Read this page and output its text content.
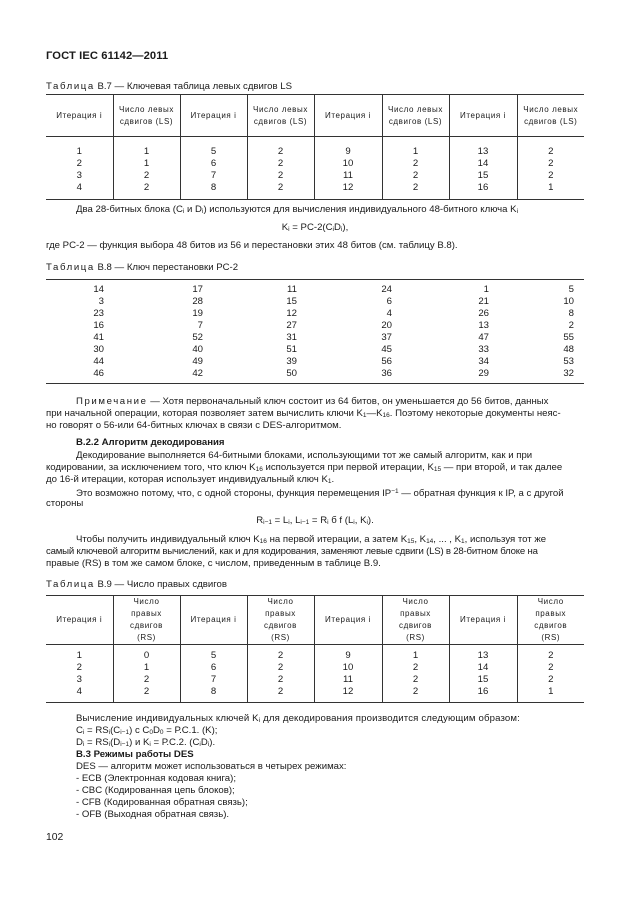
ГОСТ IEC 61142—2011
Таблица В.7 — Ключевая таблица левых сдвигов LS
Итерация i	Число левых сдвигов (LS)	Итерация i	Число левых сдвигов (LS)	Итерация i	Число левых сдвигов (LS)	Итерация i	Число левых сдвигов (LS)
1	1	5	2	9	1	13	2
2	1	6	2	10	2	14	2
3	2	7	2	11	2	15	2
4	2	8	2	12	2	16	1
Два 28-битных блока ($C_i$ и $D_i$) используются для вычисления индивидуального 48-битного ключа $K_i$
$K_i = PC-2(C_iD_i)$,
где PC-2 — функция выбора 48 битов из 56 и перестановки этих 48 битов (см. таблицу В.8).
Таблица В.8 — Ключ перестановки PC-2
14	17	11	24	1	5
3	28	15	6	21	10
23	19	12	4	26	8
16	7	27	20	13	2
41	52	31	37	47	55
30	40	51	45	33	48
44	49	39	56	34	53
46	42	50	36	29	32
Примечание — Хотя первоначальный ключ состоит из 64 битов, он уменьшается до 56 битов, данных
при начальной операции, которая позволяет затем вычислить ключи $K_1—K_{16}$. Поэтому некоторые документы неяс-
но говорят о 56-или 64-битных ключах в связи с DES-алгоритмом.
В.2.2 Алгоритм декодирования
Декодирование выполняется 64-битными блоками, использующими тот же самый алгоритм, как и при
кодировании, за исключением того, что ключ $K_{16}$ используется при первой итерации, $K_{15}$ — при второй, и так далее
до 16-й итерации, которая использует индивидуальный ключ $K_1$.
Это возможно потому, что, с одной стороны, функция перемещения $IP^{-1}$ — обратная функция к IP, а с другой
стороны
$R_{i-1} = L_i$, $L_{i-1} = R_i$ б f ($L_i$, $K_i$).
Чтобы получить индивидуальный ключ $K_{16}$ на первой итерации, а затем $K_{15}$, $K_{14}$, ... , $K_1$, используя тот же
самый ключевой алгоритм вычислений, как и для кодирования, заменяют левые сдвиги (LS) в 28-битном блоке на
правые (RS) в том же самом блоке, с числом, приведенным в таблице В.9.
Таблица В.9 — Число правых сдвигов
Итерация i	Число правых сдвигов (RS)	Итерация i	Число правых сдвигов (RS)	Итерация i	Число правых сдвигов (RS)	Итерация i	Число правых сдвигов (RS)
1	0	5	2	9	1	13	2
2	1	6	2	10	2	14	2
3	2	7	2	11	2	15	2
4	2	8	2	12	2	16	1
Вычисление индивидуальных ключей $K_i$ для декодирования производится следующим образом:
$C_i = RS_i(C_{i-1})$ с $C_0D_0 = Р.С.1$. (K);
$D_i = RS_i(D_{i-1})$ и $K_i = Р.С.2$. $(C_iD_i)$.
В.3 Режимы работы DES
DES — алгоритм может использоваться в четырех режимах:
- ЕСВ (Электронная кодовая книга);
- CBC (Кодированная цепь блоков);
- CFB (Кодированная обратная связь);
- OFB (Выходная обратная связь).
102
